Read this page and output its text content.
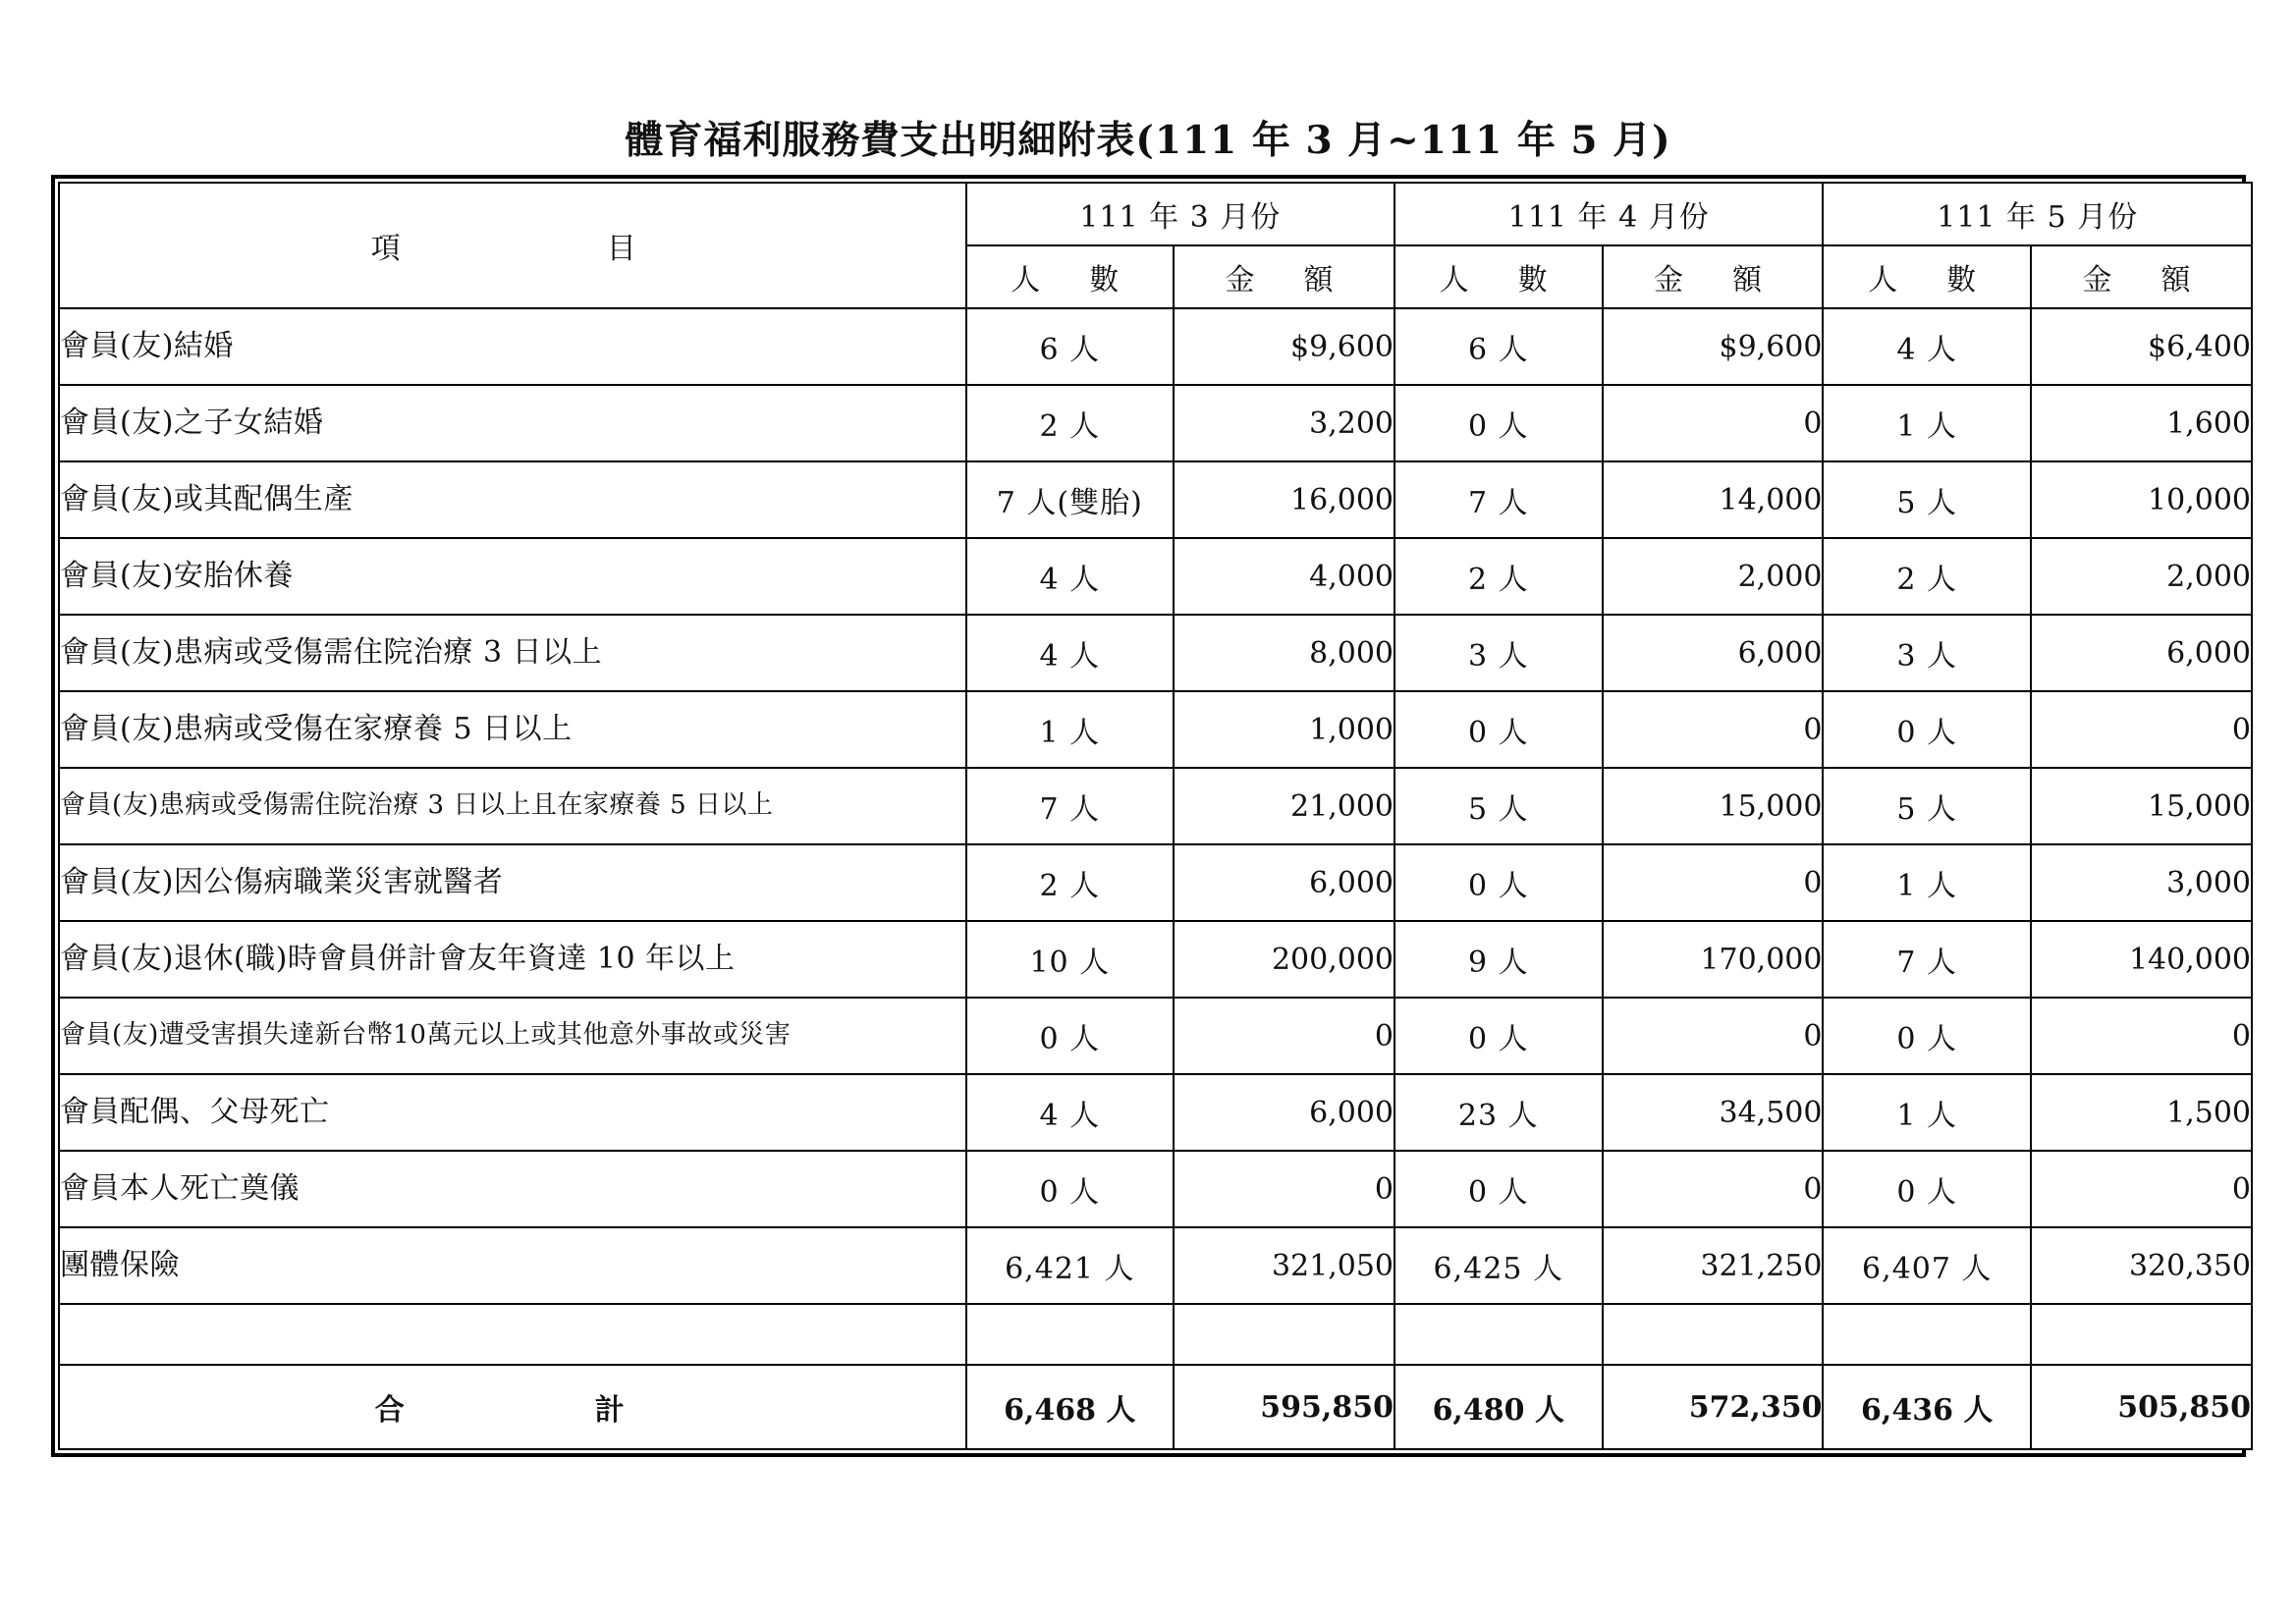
體育福利服務費支出明細附表(111 年 3 月~111 年 5 月)
項　　　　目	111 年 3 月份		111 年 4 月份		111 年 5 月份	
	人　數	金　額	人　數	金　額	人　數	金　額
會員(友)結婚	6 人	$9,600	6 人	$9,600	4 人	$6,400
會員(友)之子女結婚	2 人	3,200	0 人	0	1 人	1,600
會員(友)或其配偶生產	7 人(雙胎)	16,000	7 人	14,000	5 人	10,000
會員(友)安胎休養	4 人	4,000	2 人	2,000	2 人	2,000
會員(友)患病或受傷需住院治療 3 日以上	4 人	8,000	3 人	6,000	3 人	6,000
會員(友)患病或受傷在家療養 5 日以上	1 人	1,000	0 人	0	0 人	0
會員(友)患病或受傷需住院治療 3 日以上且在家療養 5 日以上	7 人	21,000	5 人	15,000	5 人	15,000
會員(友)因公傷病職業災害就醫者	2 人	6,000	0 人	0	1 人	3,000
會員(友)退休(職)時會員併計會友年資達 10 年以上	10 人	200,000	9 人	170,000	7 人	140,000
會員(友)遭受害損失達新台幣10萬元以上或其他意外事故或災害	0 人	0	0 人	0	0 人	0
會員配偶、父母死亡	4 人	6,000	23 人	34,500	1 人	1,500
會員本人死亡奠儀	0 人	0	0 人	0	0 人	0
團體保險	6,421 人	321,050	6,425 人	321,250	6,407 人	320,350

合　　　計	6,468 人	595,850	6,480 人	572,350	6,436 人	505,850
